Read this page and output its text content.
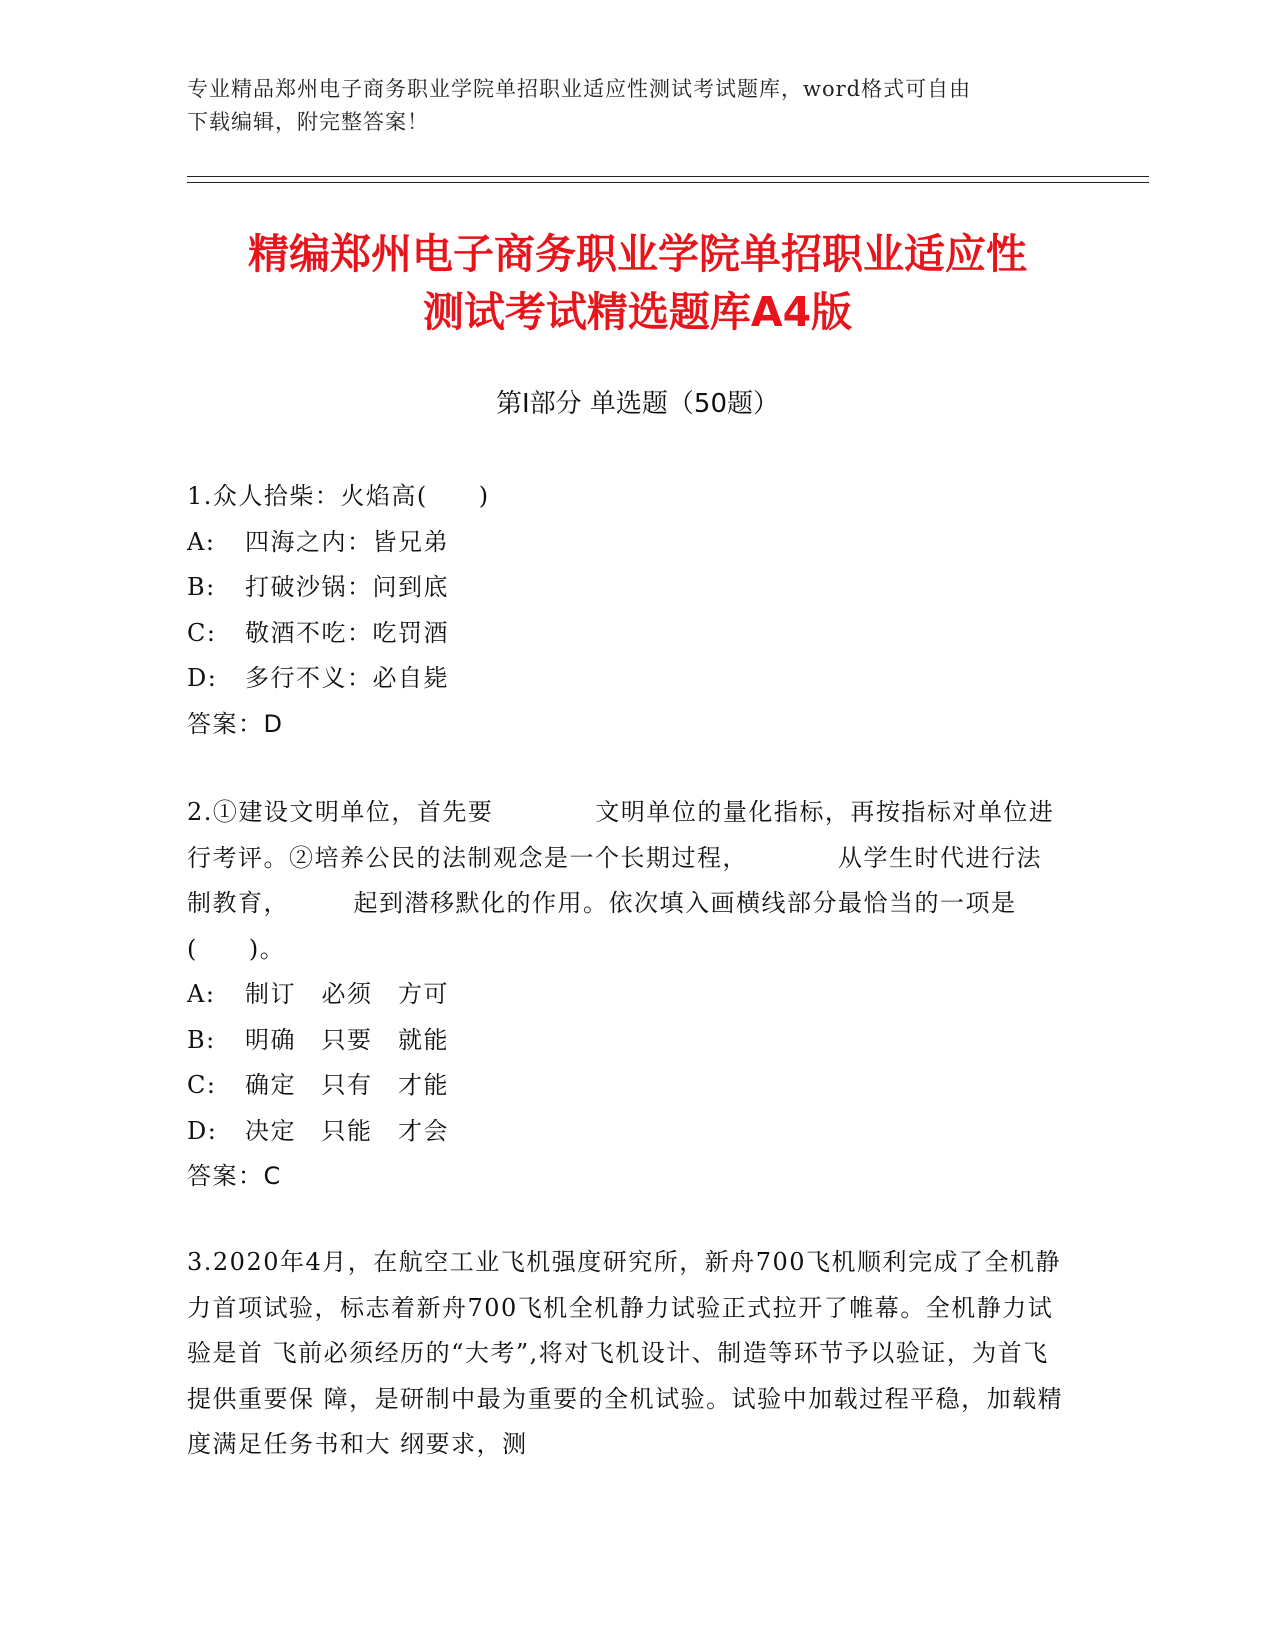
专业精品郑州电子商务职业学院单招职业适应性测试考试题库，word格式可自由
下载编辑，附完整答案！
精编郑州电子商务职业学院单招职业适应性
测试考试精选题库A4版
第Ⅰ部分 单选题（50题）

1.众人拾柴：火焰高(　　)

A: 四海之内：皆兄弟

B: 打破沙锅：问到底

C: 敬酒不吃：吃罚酒

D: 多行不义：必自毙

答案：D

2.①建设文明单位，首先要　　　　文明单位的量化指标，再按指标对单位进行考评。②培养公民的法制观念是一个长期过程，　　　　从学生时代进行法制教育，　　　起到潜移默化的作用。依次填入画横线部分最恰当的一项是(　　)。

A: 制订　必须　方可

B: 明确　只要　就能

C: 确定　只有　才能

D: 决定　只能　才会

答案：C

3.2020年4月，在航空工业飞机强度研究所，新舟700飞机顺利完成了全机静 力首项试验，标志着新舟700飞机全机静力试验正式拉开了帷幕。全机静力试验是首 飞前必须经历的“大考”,将对飞机设计、制造等环节予以验证，为首飞提供重要保 障，是研制中最为重要的全机试验。试验中加载过程平稳，加载精度满足任务书和大 纲要求，测
